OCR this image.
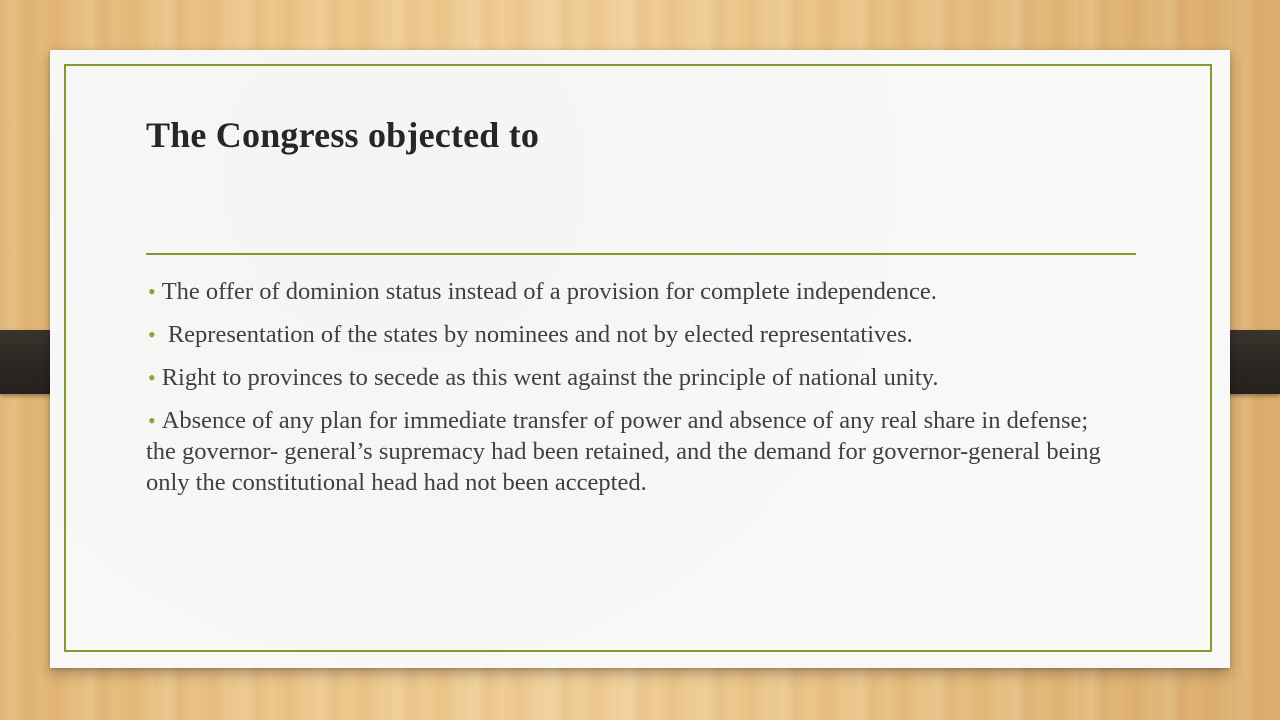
The Congress objected to
• The offer of dominion status instead of a provision for complete independence.
• Representation of the states by nominees and not by elected representatives.
• Right to provinces to secede as this went against the principle of national unity.
• Absence of any plan for immediate transfer of power and absence of any real share in defense; the governor- general’s supremacy had been retained, and the demand for governor-general being only the constitutional head had not been accepted.
